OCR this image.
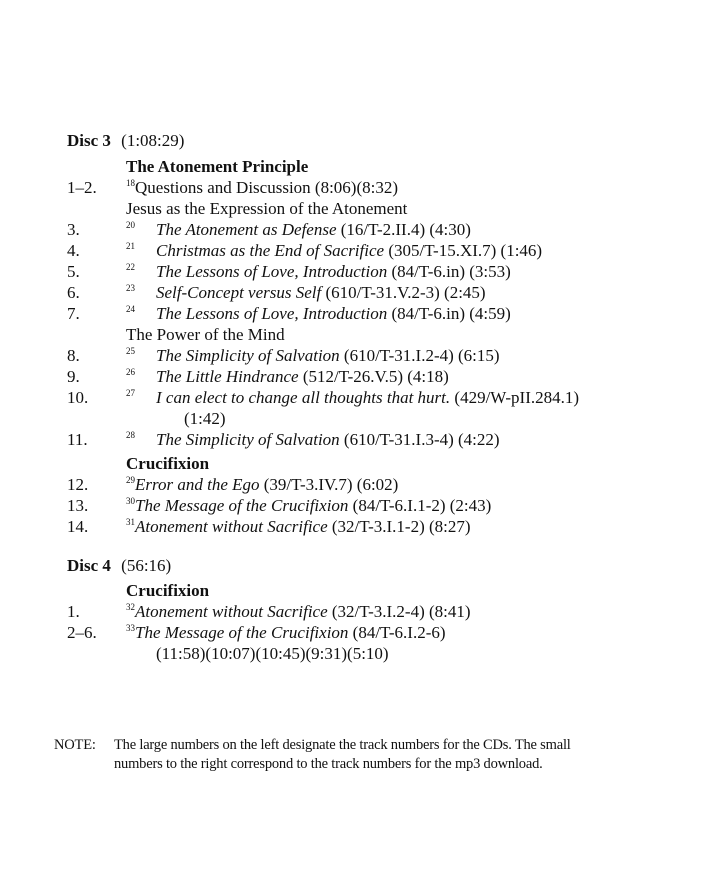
Disc 3 (1:08:29)
The Atonement Principle
1–2.	$^{18}$Questions and Discussion (8:06)(8:32)
Jesus as the Expression of the Atonement
3.	20 The Atonement as Defense (16/T-2.II.4) (4:30)
4.	21 Christmas as the End of Sacrifice (305/T-15.XI.7) (1:46)
5.	22 The Lessons of Love, Introduction (84/T-6.in) (3:53)
6.	23 Self-Concept versus Self (610/T-31.V.2-3) (2:45)
7.	24 The Lessons of Love, Introduction (84/T-6.in) (4:59)
The Power of the Mind
8.	25 The Simplicity of Salvation (610/T-31.I.2-4) (6:15)
9.	26 The Little Hindrance (512/T-26.V.5) (4:18)
10.	27 I can elect to change all thoughts that hurt. (429/W-pII.284.1)
(1:42)
11.	28 The Simplicity of Salvation (610/T-31.I.3-4) (4:22)
Crucifixion
12.	$^{29}$Error and the Ego (39/T-3.IV.7) (6:02)
13.	$^{30}$The Message of the Crucifixion (84/T-6.I.1-2) (2:43)
14.	$^{31}$Atonement without Sacrifice (32/T-3.I.1-2) (8:27)
Disc 4 (56:16)
Crucifixion
1.	$^{32}$Atonement without Sacrifice (32/T-3.I.2-4) (8:41)
2–6.	$^{33}$The Message of the Crucifixion (84/T-6.I.2-6)
(11:58)(10:07)(10:45)(9:31)(5:10)
NOTE: The large numbers on the left designate the track numbers for the CDs. The small
numbers to the right correspond to the track numbers for the mp3 download.
